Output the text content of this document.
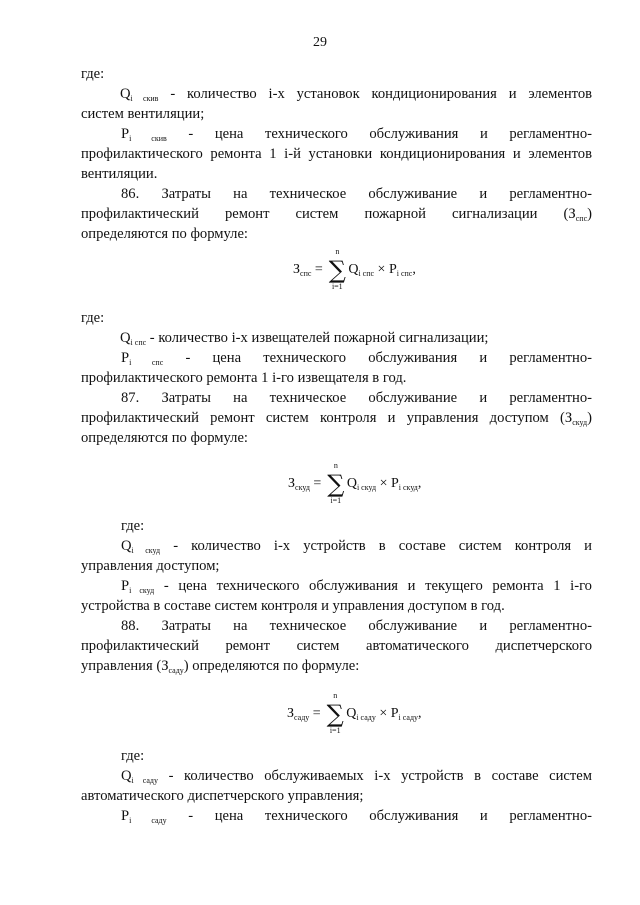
29
где:
$Q_{i скив}$ - количество i-х установок кондиционирования и элементов
систем вентиляции;
$P_{i скив}$ - цена технического обслуживания и регламентно-
профилактического ремонта 1 i-й установки кондиционирования и элементов
вентиляции.
86. Затраты на техническое обслуживание и регламентно-
профилактический ремонт систем пожарной сигнализации $(З_{спс})$
определяются по формуле:
$З_{спс}$ =
n
∑
i=1
$Q_{i спс} \times P_{i спс}$,
где:
$Q_{i спс}$ - количество i-х извещателей пожарной сигнализации;
$P_{i спс}$ - цена технического обслуживания и регламентно-
профилактического ремонта 1 i-го извещателя в год.
87. Затраты на техническое обслуживание и регламентно-
профилактический ремонт систем контроля и управления доступом $(З_{скуд})$
определяются по формуле:
$З_{скуд}$ =
n
∑
i=1
$Q_{i скуд} \times P_{i скуд}$,
где:
$Q_{i скуд}$ - количество i-х устройств в составе систем контроля и
управления доступом;
$P_{i скуд}$ - цена технического обслуживания и текущего ремонта 1 i-го
устройства в составе систем контроля и управления доступом в год.
88. Затраты на техническое обслуживание и регламентно-
профилактический ремонт систем автоматического диспетчерского
управления $(З_{саду})$ определяются по формуле:
$З_{саду}$ =
n
∑
i=1
$Q_{i саду} \times P_{i саду}$,
где:
$Q_{i саду}$ - количество обслуживаемых i-х устройств в составе систем
автоматического диспетчерского управления;
$P_{i саду}$ - цена технического обслуживания и регламентно-
